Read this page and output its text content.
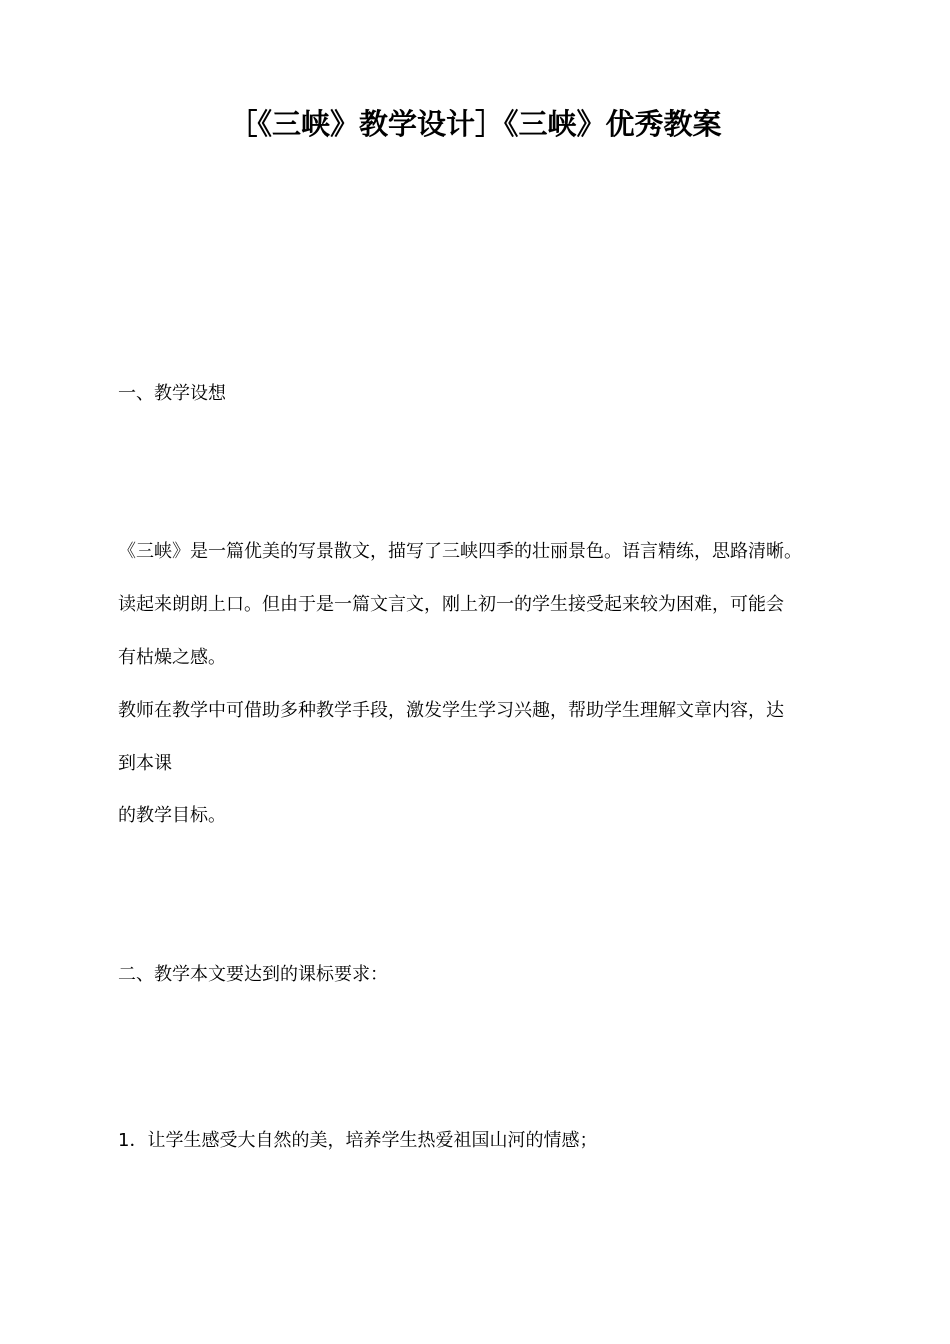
［《三峡》教学设计］《三峡》优秀教案
一、教学设想
《三峡》是一篇优美的写景散文，描写了三峡四季的壮丽景色。语言精练，思路清晰。
读起来朗朗上口。但由于是一篇文言文，刚上初一的学生接受起来较为困难，可能会
有枯燥之感。
教师在教学中可借助多种教学手段，激发学生学习兴趣，帮助学生理解文章内容，达
到本课
的教学目标。
二、教学本文要达到的课标要求：
1．让学生感受大自然的美，培养学生热爱祖国山河的情感；
